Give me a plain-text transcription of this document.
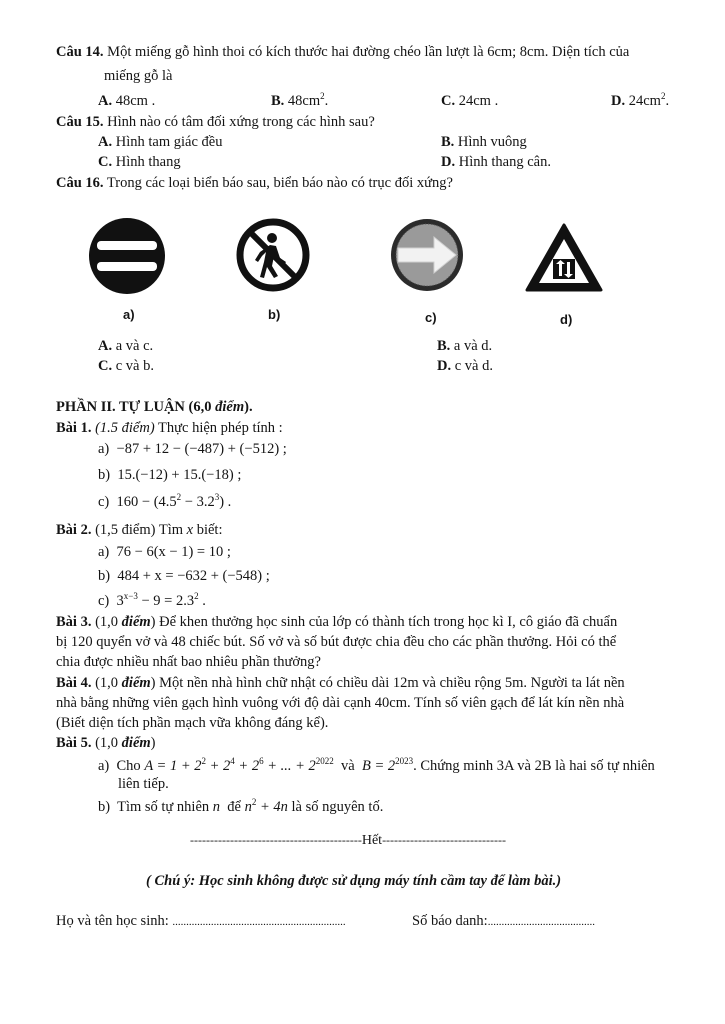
Câu 14. Một miếng gỗ hình thoi có kích thước hai đường chéo lần lượt là 6cm; 8cm. Diện tích của
miếng gỗ là
A. 48cm .	B. $48cm^2$.	C. 24cm .	D. $24cm^2$.
Câu 15. Hình nào có tâm đối xứng trong các hình sau?
A. Hình tam giác đều	B. Hình vuông
C. Hình thang	D. Hình thang cân.
Câu 16. Trong các loại biển báo sau, biển báo nào có trục đối xứng?
a)	b)	c)	d)
A. a và c.	B. a và d.
C. c và b.	D. c và d.
PHẦN II. TỰ LUẬN (6,0 điểm).
Bài 1. (1.5 điểm) Thực hiện phép tính :
a) −87 + 12 − (−487) + (−512) ;
b) 15.(−12) + 15.(−18) ;
c) $160 - (4.5^2 - 3.2^3)$ .
Bài 2. (1,5 điểm) Tìm x biết:
a) 76 − 6(x − 1) = 10 ;
b) 484 + x = −632 + (−548) ;
c) $3^{x-3} - 9 = 2.3^2$ .
Bài 3. (1,0 điểm) Để khen thưởng học sinh của lớp có thành tích trong học kì I, cô giáo đã chuẩn
bị 120 quyển vở và 48 chiếc bút. Số vở và số bút được chia đều cho các phần thưởng. Hỏi có thể
chia được nhiều nhất bao nhiêu phần thưởng?
Bài 4. (1,0 điểm) Một nền nhà hình chữ nhật có chiều dài 12m và chiều rộng 5m. Người ta lát nền
nhà bằng những viên gạch hình vuông với độ dài cạnh 40cm. Tính số viên gạch để lát kín nền nhà
(Biết diện tích phần mạch vữa không đáng kể).
Bài 5. (1,0 điểm)
a) Cho $A = 1 + 2^2 + 2^4 + 2^6$ + ... + $2^{2022}$ và $B = 2^{2023}$. Chứng minh 3A và 2B là hai số tự nhiên
liên tiếp.
b) Tìm số tự nhiên n để $n^2 + 4n$ là số nguyên tố.
-------------------------------------------Hết-------------------------------
( Chú ý: Học sinh không được sử dụng máy tính cầm tay để làm bài.)
Họ và tên học sinh: ...............................................................	Số báo danh:.......................................
